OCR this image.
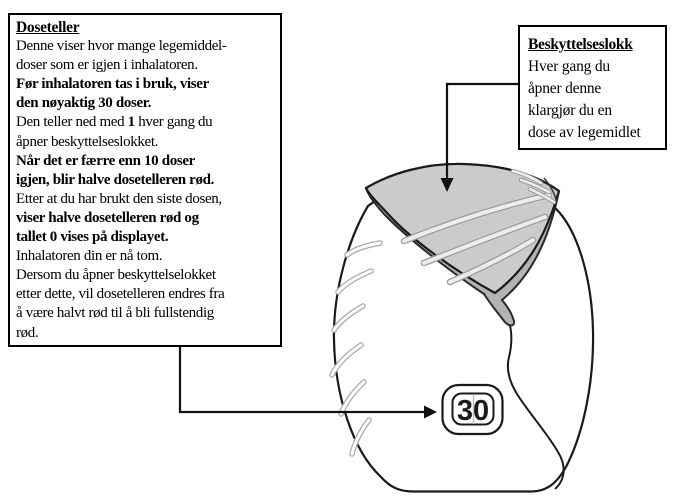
30
Doseteller
Denne viser hvor mange legemiddel-
doser som er igjen i inhalatoren.
Før inhalatoren tas i bruk, viser
den nøyaktig 30 doser.
Den teller ned med 1 hver gang du
åpner beskyttelseslokket.
Når det er færre enn 10 doser
igjen, blir halve dosetelleren rød.
Etter at du har brukt den siste dosen,
viser halve dosetelleren rød og
tallet 0 vises på displayet.
Inhalatoren din er nå tom.
Dersom du åpner beskyttelselokket
etter dette, vil dosetelleren endres fra
å være halvt rød til å bli fullstendig
rød.
Beskyttelseslokk
Hver gang du
åpner denne
klargjør du en
dose av legemidlet
